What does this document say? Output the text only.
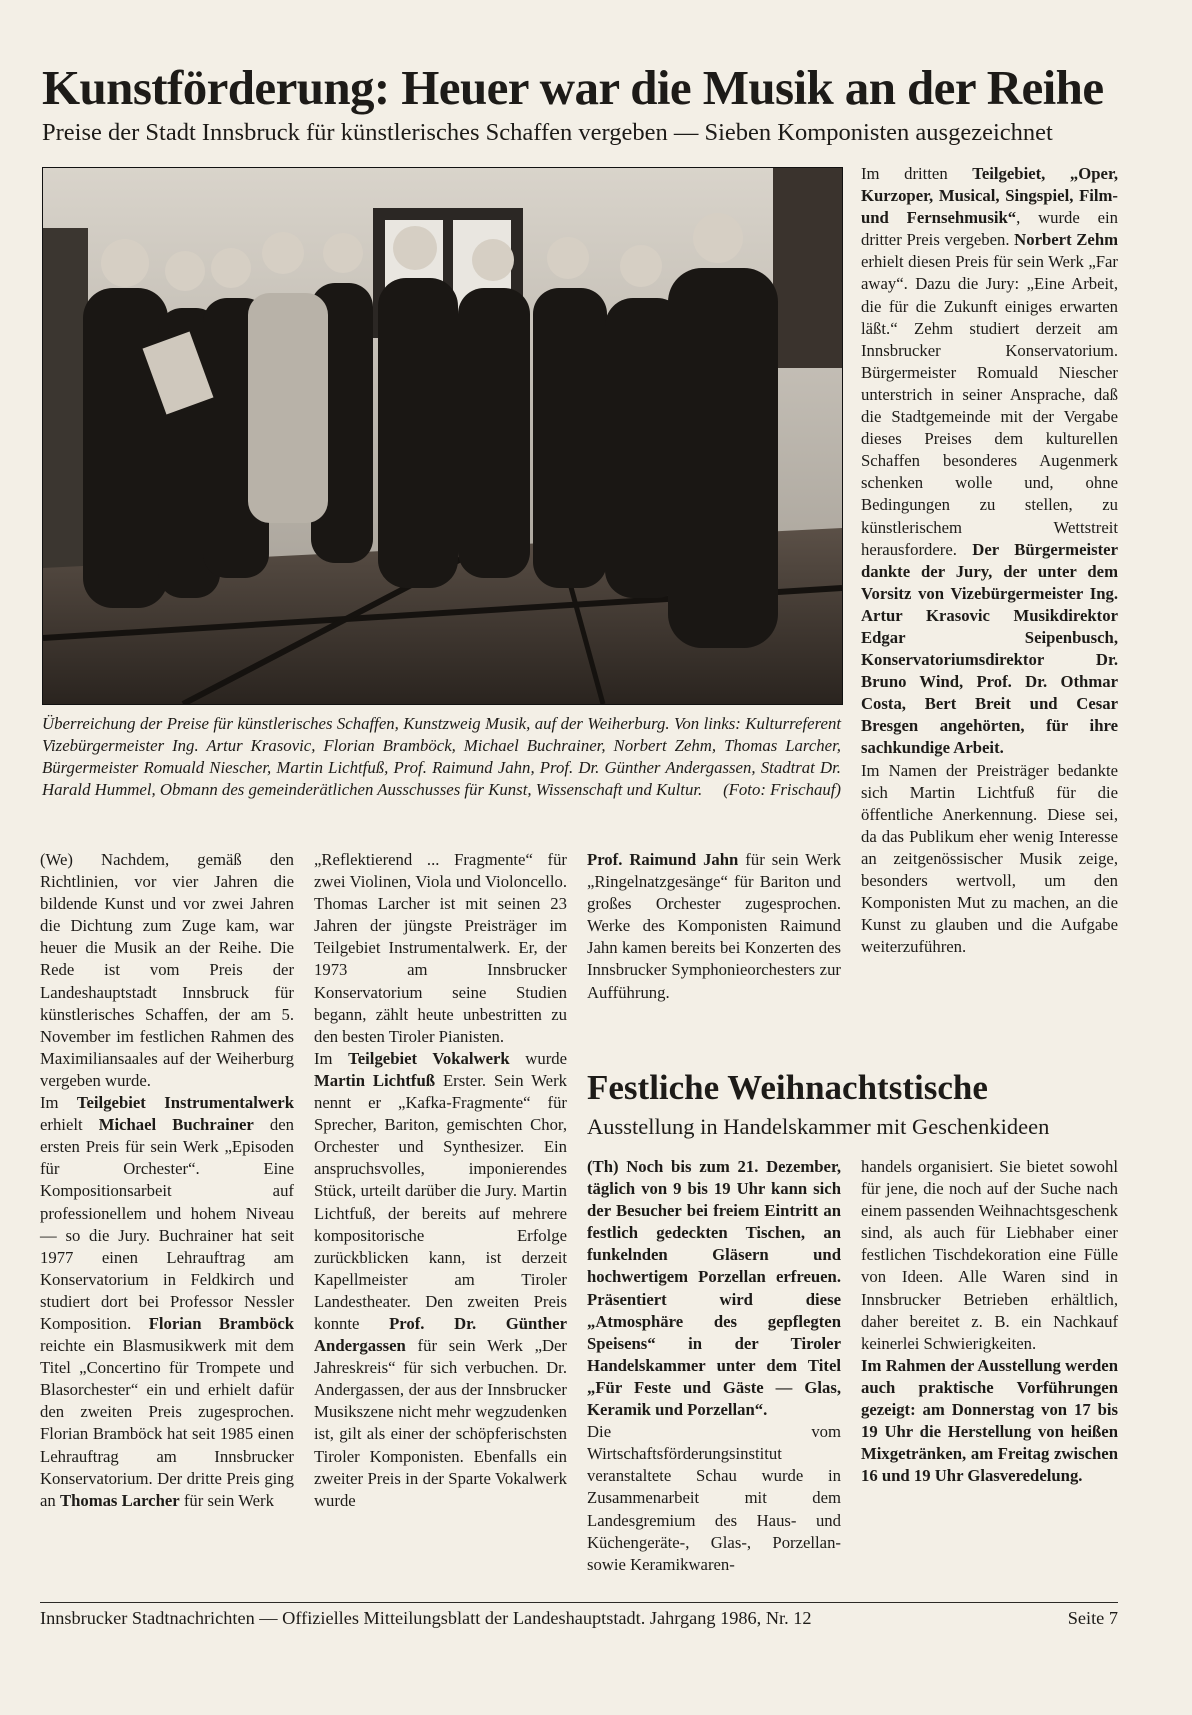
Kunstförderung: Heuer war die Musik an der Reihe
Preise der Stadt Innsbruck für künstlerisches Schaffen vergeben — Sieben Komponisten ausgezeichnet
Überreichung der Preise für künstlerisches Schaffen, Kunstzweig Musik, auf der Weiherburg. Von links: Kulturreferent Vizebürgermeister Ing. Artur Krasovic, Florian Bramböck, Michael Buchrainer, Norbert Zehm, Thomas Larcher, Bürgermeister Romuald Niescher, Martin Lichtfuß, Prof. Raimund Jahn, Prof. Dr. Günther Andergassen, Stadtrat Dr. Harald Hummel, Obmann des gemeinderätlichen Ausschusses für Kunst, Wissenschaft und Kultur. (Foto: Frischauf)

(We) Nachdem, gemäß den Richtlinien, vor vier Jahren die bildende Kunst und vor zwei Jahren die Dichtung zum Zuge kam, war heuer die Musik an der Reihe. Die Rede ist vom Preis der Landeshauptstadt Innsbruck für künstlerisches Schaffen, der am 5. November im festlichen Rahmen des Maximiliansaales auf der Weiherburg vergeben wurde.

Im Teilgebiet Instrumentalwerk erhielt Michael Buchrainer den ersten Preis für sein Werk „Episoden für Orchester“. Eine Kompositionsarbeit auf professionellem und hohem Niveau — so die Jury. Buchrainer hat seit 1977 einen Lehrauftrag am Konservatorium in Feldkirch und studiert dort bei Professor Nessler Komposition. Florian Bramböck reichte ein Blasmusikwerk mit dem Titel „Concertino für Trompete und Blasorchester“ ein und erhielt dafür den zweiten Preis zugesprochen. Florian Bramböck hat seit 1985 einen Lehrauftrag am Innsbrucker Konservatorium. Der dritte Preis ging an Thomas Larcher für sein Werk

„Reflektierend ... Fragmente“ für zwei Violinen, Viola und Violoncello. Thomas Larcher ist mit seinen 23 Jahren der jüngste Preisträger im Teilgebiet Instrumentalwerk. Er, der 1973 am Innsbrucker Konservatorium seine Studien begann, zählt heute unbestritten zu den besten Tiroler Pianisten.

Im Teilgebiet Vokalwerk wurde Martin Lichtfuß Erster. Sein Werk nennt er „Kafka-Fragmente“ für Sprecher, Bariton, gemischten Chor, Orchester und Synthesizer. Ein anspruchsvolles, imponierendes Stück, urteilt darüber die Jury. Martin Lichtfuß, der bereits auf mehrere kompositorische Erfolge zurückblicken kann, ist derzeit Kapellmeister am Tiroler Landestheater. Den zweiten Preis konnte Prof. Dr. Günther Andergassen für sein Werk „Der Jahreskreis“ für sich verbuchen. Dr. Andergassen, der aus der Innsbrucker Musikszene nicht mehr wegzudenken ist, gilt als einer der schöpferischsten Tiroler Komponisten. Ebenfalls ein zweiter Preis in der Sparte Vokalwerk wurde

Prof. Raimund Jahn für sein Werk „Ringelnatzgesänge“ für Bariton und großes Orchester zugesprochen. Werke des Komponisten Raimund Jahn kamen bereits bei Konzerten des Innsbrucker Symphonieorchesters zur Aufführung.

Im dritten Teilgebiet, „Oper, Kurzoper, Musical, Singspiel, Film- und Fernsehmusik“, wurde ein dritter Preis vergeben. Norbert Zehm erhielt diesen Preis für sein Werk „Far away“. Dazu die Jury: „Eine Arbeit, die für die Zukunft einiges erwarten läßt.“ Zehm studiert derzeit am Innsbrucker Konservatorium. Bürgermeister Romuald Niescher unterstrich in seiner Ansprache, daß die Stadtgemeinde mit der Vergabe dieses Preises dem kulturellen Schaffen besonderes Augenmerk schenken wolle und, ohne Bedingungen zu stellen, zu künstlerischem Wettstreit herausfordere. Der Bürgermeister dankte der Jury, der unter dem Vorsitz von Vizebürgermeister Ing. Artur Krasovic Musikdirektor Edgar Seipenbusch, Konservatoriumsdirektor Dr. Bruno Wind, Prof. Dr. Othmar Costa, Bert Breit und Cesar Bresgen angehörten, für ihre sachkundige Arbeit.

Im Namen der Preisträger bedankte sich Martin Lichtfuß für die öffentliche Anerkennung. Diese sei, da das Publikum eher wenig Interesse an zeitgenössischer Musik zeige, besonders wertvoll, um den Komponisten Mut zu machen, an die Kunst zu glauben und die Aufgabe weiterzuführen.

Festliche Weihnachtstische
Ausstellung in Handelskammer mit Geschenkideen

(Th) Noch bis zum 21. Dezember, täglich von 9 bis 19 Uhr kann sich der Besucher bei freiem Eintritt an festlich gedeckten Tischen, an funkelnden Gläsern und hochwertigem Porzellan erfreuen. Präsentiert wird diese „Atmosphäre des gepflegten Speisens“ in der Tiroler Handelskammer unter dem Titel „Für Feste und Gäste — Glas, Keramik und Porzellan“.

Die vom Wirtschaftsförderungsinstitut veranstaltete Schau wurde in Zusammenarbeit mit dem Landesgremium des Haus- und Küchengeräte-, Glas-, Porzellan- sowie Keramikwaren-

handels organisiert. Sie bietet sowohl für jene, die noch auf der Suche nach einem passenden Weihnachtsgeschenk sind, als auch für Liebhaber einer festlichen Tischdekoration eine Fülle von Ideen. Alle Waren sind in Innsbrucker Betrieben erhältlich, daher bereitet z. B. ein Nachkauf keinerlei Schwierigkeiten.

Im Rahmen der Ausstellung werden auch praktische Vorführungen gezeigt: am Donnerstag von 17 bis 19 Uhr die Herstellung von heißen Mixgetränken, am Freitag zwischen 16 und 19 Uhr Glasveredelung.

Innsbrucker Stadtnachrichten — Offizielles Mitteilungsblatt der Landeshauptstadt. Jahrgang 1986, Nr. 12	Seite 7
